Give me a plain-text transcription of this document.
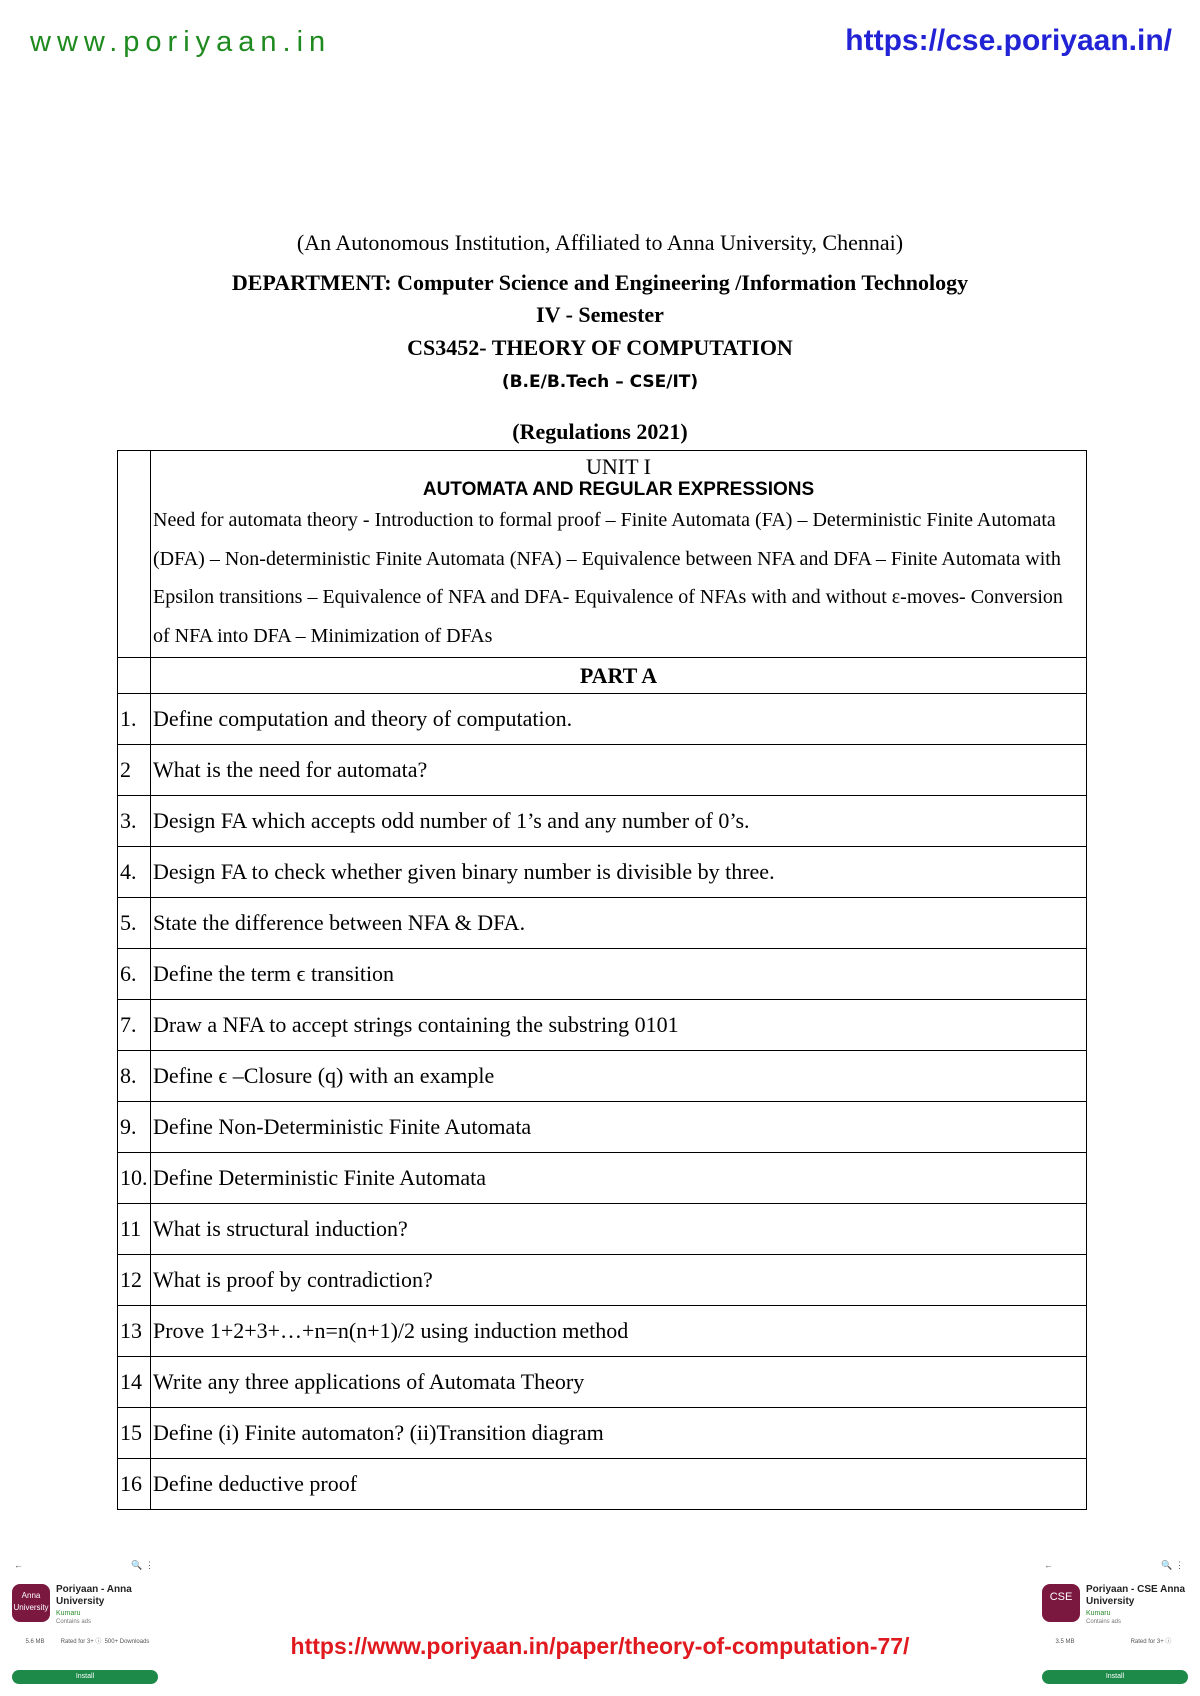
www.poriyaan.in	https://cse.poriyaan.in/
(An Autonomous Institution, Affiliated to Anna University, Chennai)
DEPARTMENT: Computer Science and Engineering /Information Technology
IV - Semester
CS3452- THEORY OF COMPUTATION
(B.E/B.Tech – CSE/IT)
(Regulations 2021)

	UNIT I
AUTOMATA AND REGULAR EXPRESSIONS
Need for automata theory - Introduction to formal proof – Finite Automata (FA) – Deterministic Finite Automata (DFA) – Non-deterministic Finite Automata (NFA) – Equivalence between NFA and DFA – Finite Automata with Epsilon transitions – Equivalence of NFA and DFA- Equivalence of NFAs with and without ε-moves- Conversion of NFA into DFA – Minimization of DFAs

	PART A
1.	Define computation and theory of computation.
2	What is the need for automata?
3.	Design FA which accepts odd number of 1’s and any number of 0’s.
4.	Design FA to check whether given binary number is divisible by three.
5.	State the difference between NFA & DFA.
6.	Define the term ϵ transition
7.	Draw a NFA to accept strings containing the substring 0101
8.	Define ϵ –Closure (q) with an example
9.	Define Non-Deterministic Finite Automata
10.	Define Deterministic Finite Automata
11	What is structural induction?
12	What is proof by contradiction?
13	Prove 1+2+3+…+n=n(n+1)/2 using induction method
14	Write any three applications of Automata Theory
15	Define (i) Finite automaton? (ii)Transition diagram
16	Define deductive proof
←	🔍 ⋮
Anna University
Poriyaan - Anna University
Kumaru
Contains ads
5.6 MB	Rated for 3+ ⓘ 500+ Downloads
Install
←	🔍 ⋮
CSE
Poriyaan - CSE Anna University
Kumaru
Contains ads
3.5 MB	Rated for 3+ ⓘ
Install
https://www.poriyaan.in/paper/theory-of-computation-77/
